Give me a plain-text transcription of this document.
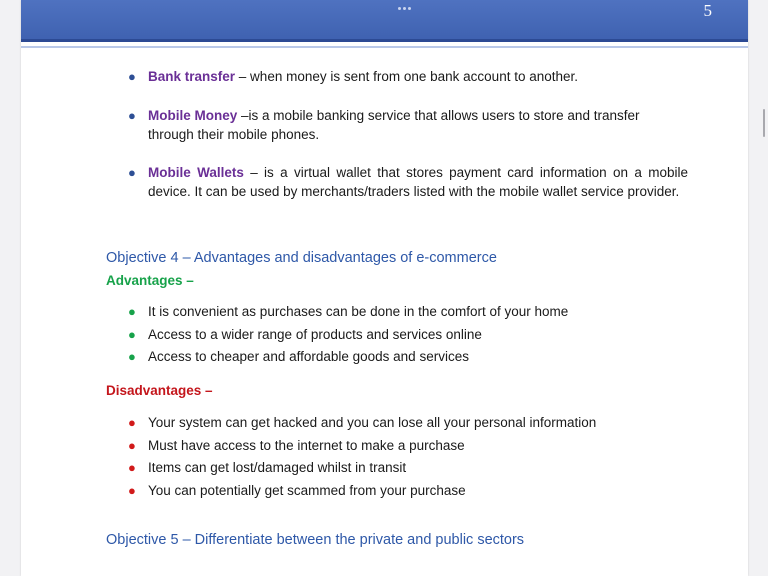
5
● Bank transfer – when money is sent from one bank account to another.
● Mobile Money –is a mobile banking service that allows users to store and transfer through their mobile phones.
● Mobile Wallets – is a virtual wallet that stores payment card information on a mobile device. It can be used by merchants/traders listed with the mobile wallet service provider.
Objective 4 – Advantages and disadvantages of e-commerce
Advantages –
● It is convenient as purchases can be done in the comfort of your home
● Access to a wider range of products and services online
● Access to cheaper and affordable goods and services
Disadvantages –
● Your system can get hacked and you can lose all your personal information
● Must have access to the internet to make a purchase
● Items can get lost/damaged whilst in transit
● You can potentially get scammed from your purchase
Objective 5 – Differentiate between the private and public sectors
